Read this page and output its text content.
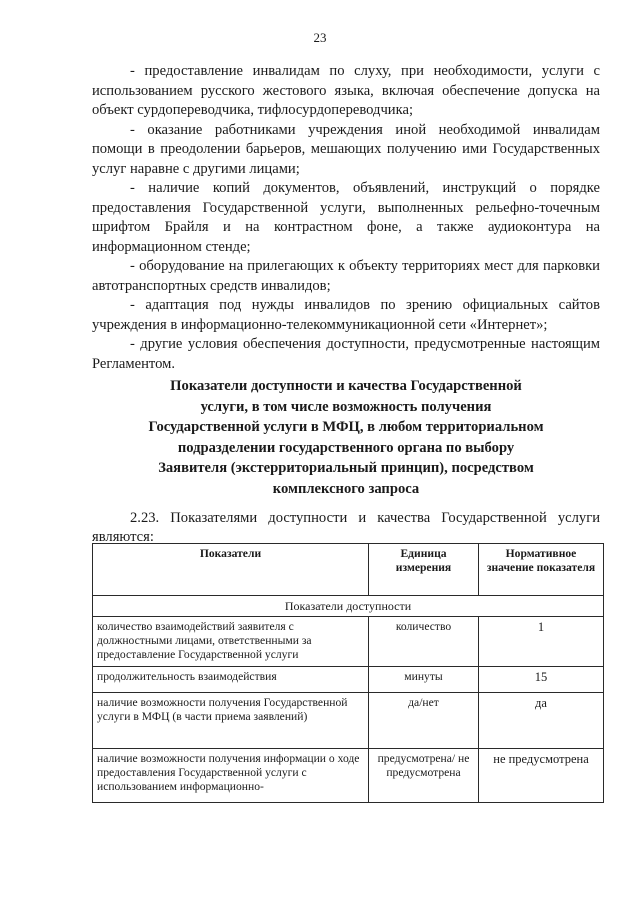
23

- предоставление инвалидам по слуху, при необходимости, услуги с использованием русского жестового языка, включая обеспечение допуска на объект сурдопереводчика, тифлосурдопереводчика;

- оказание работниками учреждения иной необходимой инвалидам помощи в преодолении барьеров, мешающих получению ими Государственных услуг наравне с другими лицами;

- наличие копий документов, объявлений, инструкций о порядке предоставления Государственной услуги, выполненных рельефно-точечным шрифтом Брайля и на контрастном фоне, а также аудиоконтура на информационном стенде;

- оборудование на прилегающих к объекту территориях мест для парковки автотранспортных средств инвалидов;

- адаптация под нужды инвалидов по зрению официальных сайтов учреждения в информационно-телекоммуникационной сети «Интернет»;

- другие условия обеспечения доступности, предусмотренные настоящим Регламентом.

Показатели доступности и качества Государственной
услуги, в том числе возможность получения
Государственной услуги в МФЦ, в любом территориальном
подразделении государственного органа по выбору
Заявителя (экстерриториальный принцип), посредством
комплексного запроса

2.23. Показателями доступности и качества Государственной услуги являются:

Показатели	Единица измерения	Нормативное значение показателя
Показатели доступности		
количество взаимодействий заявителя с должностными лицами, ответственными за предоставление Государственной услуги	количество	1
продолжительность взаимодействия	минуты	15
наличие возможности получения Государственной услуги в МФЦ (в части приема заявлений)	да/нет	да
наличие возможности получения информации о ходе предоставления Государственной услуги с использованием информационно-	предусмотрена/ не предусмотрена	не предусмотрена
